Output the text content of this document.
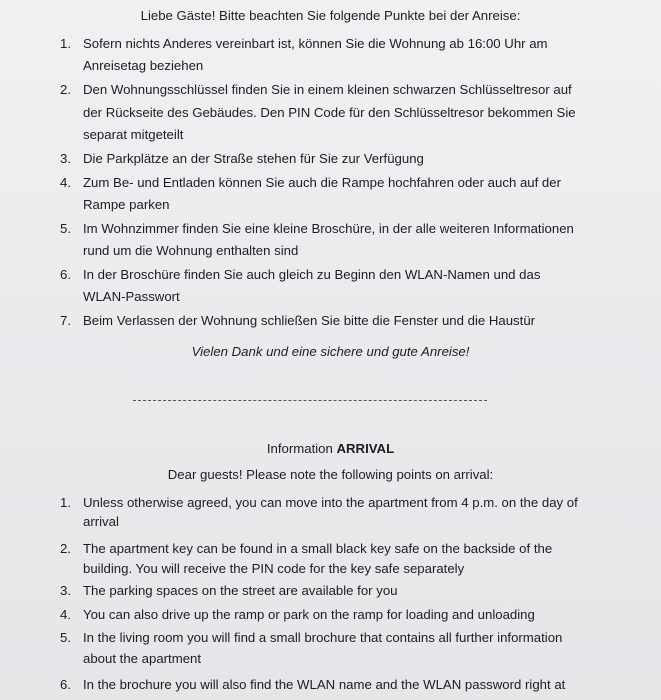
Liebe Gäste! Bitte beachten Sie folgende Punkte bei der Anreise:
1. Sofern nichts Anderes vereinbart ist, können Sie die Wohnung ab 16:00 Uhr am
Anreisetag beziehen
2. Den Wohnungsschlüssel finden Sie in einem kleinen schwarzen Schlüsseltresor auf
der Rückseite des Gebäudes. Den PIN Code für den Schlüsseltresor bekommen Sie
separat mitgeteilt
3. Die Parkplätze an der Straße stehen für Sie zur Verfügung
4. Zum Be- und Entladen können Sie auch die Rampe hochfahren oder auch auf der
Rampe parken
5. Im Wohnzimmer finden Sie eine kleine Broschüre, in der alle weiteren Informationen
rund um die Wohnung enthalten sind
6. In der Broschüre finden Sie auch gleich zu Beginn den WLAN-Namen und das
WLAN-Passwort
7. Beim Verlassen der Wohnung schließen Sie bitte die Fenster und die Haustür
Vielen Dank und eine sichere und gute Anreise!
Information ARRIVAL
Dear guests! Please note the following points on arrival:
1. Unless otherwise agreed, you can move into the apartment from 4 p.m. on the day of
arrival
2. The apartment key can be found in a small black key safe on the backside of the
building. You will receive the PIN code for the key safe separately
3. The parking spaces on the street are available for you
4. You can also drive up the ramp or park on the ramp for loading and unloading
5. In the living room you will find a small brochure that contains all further information
about the apartment
6. In the brochure you will also find the WLAN name and the WLAN password right at
